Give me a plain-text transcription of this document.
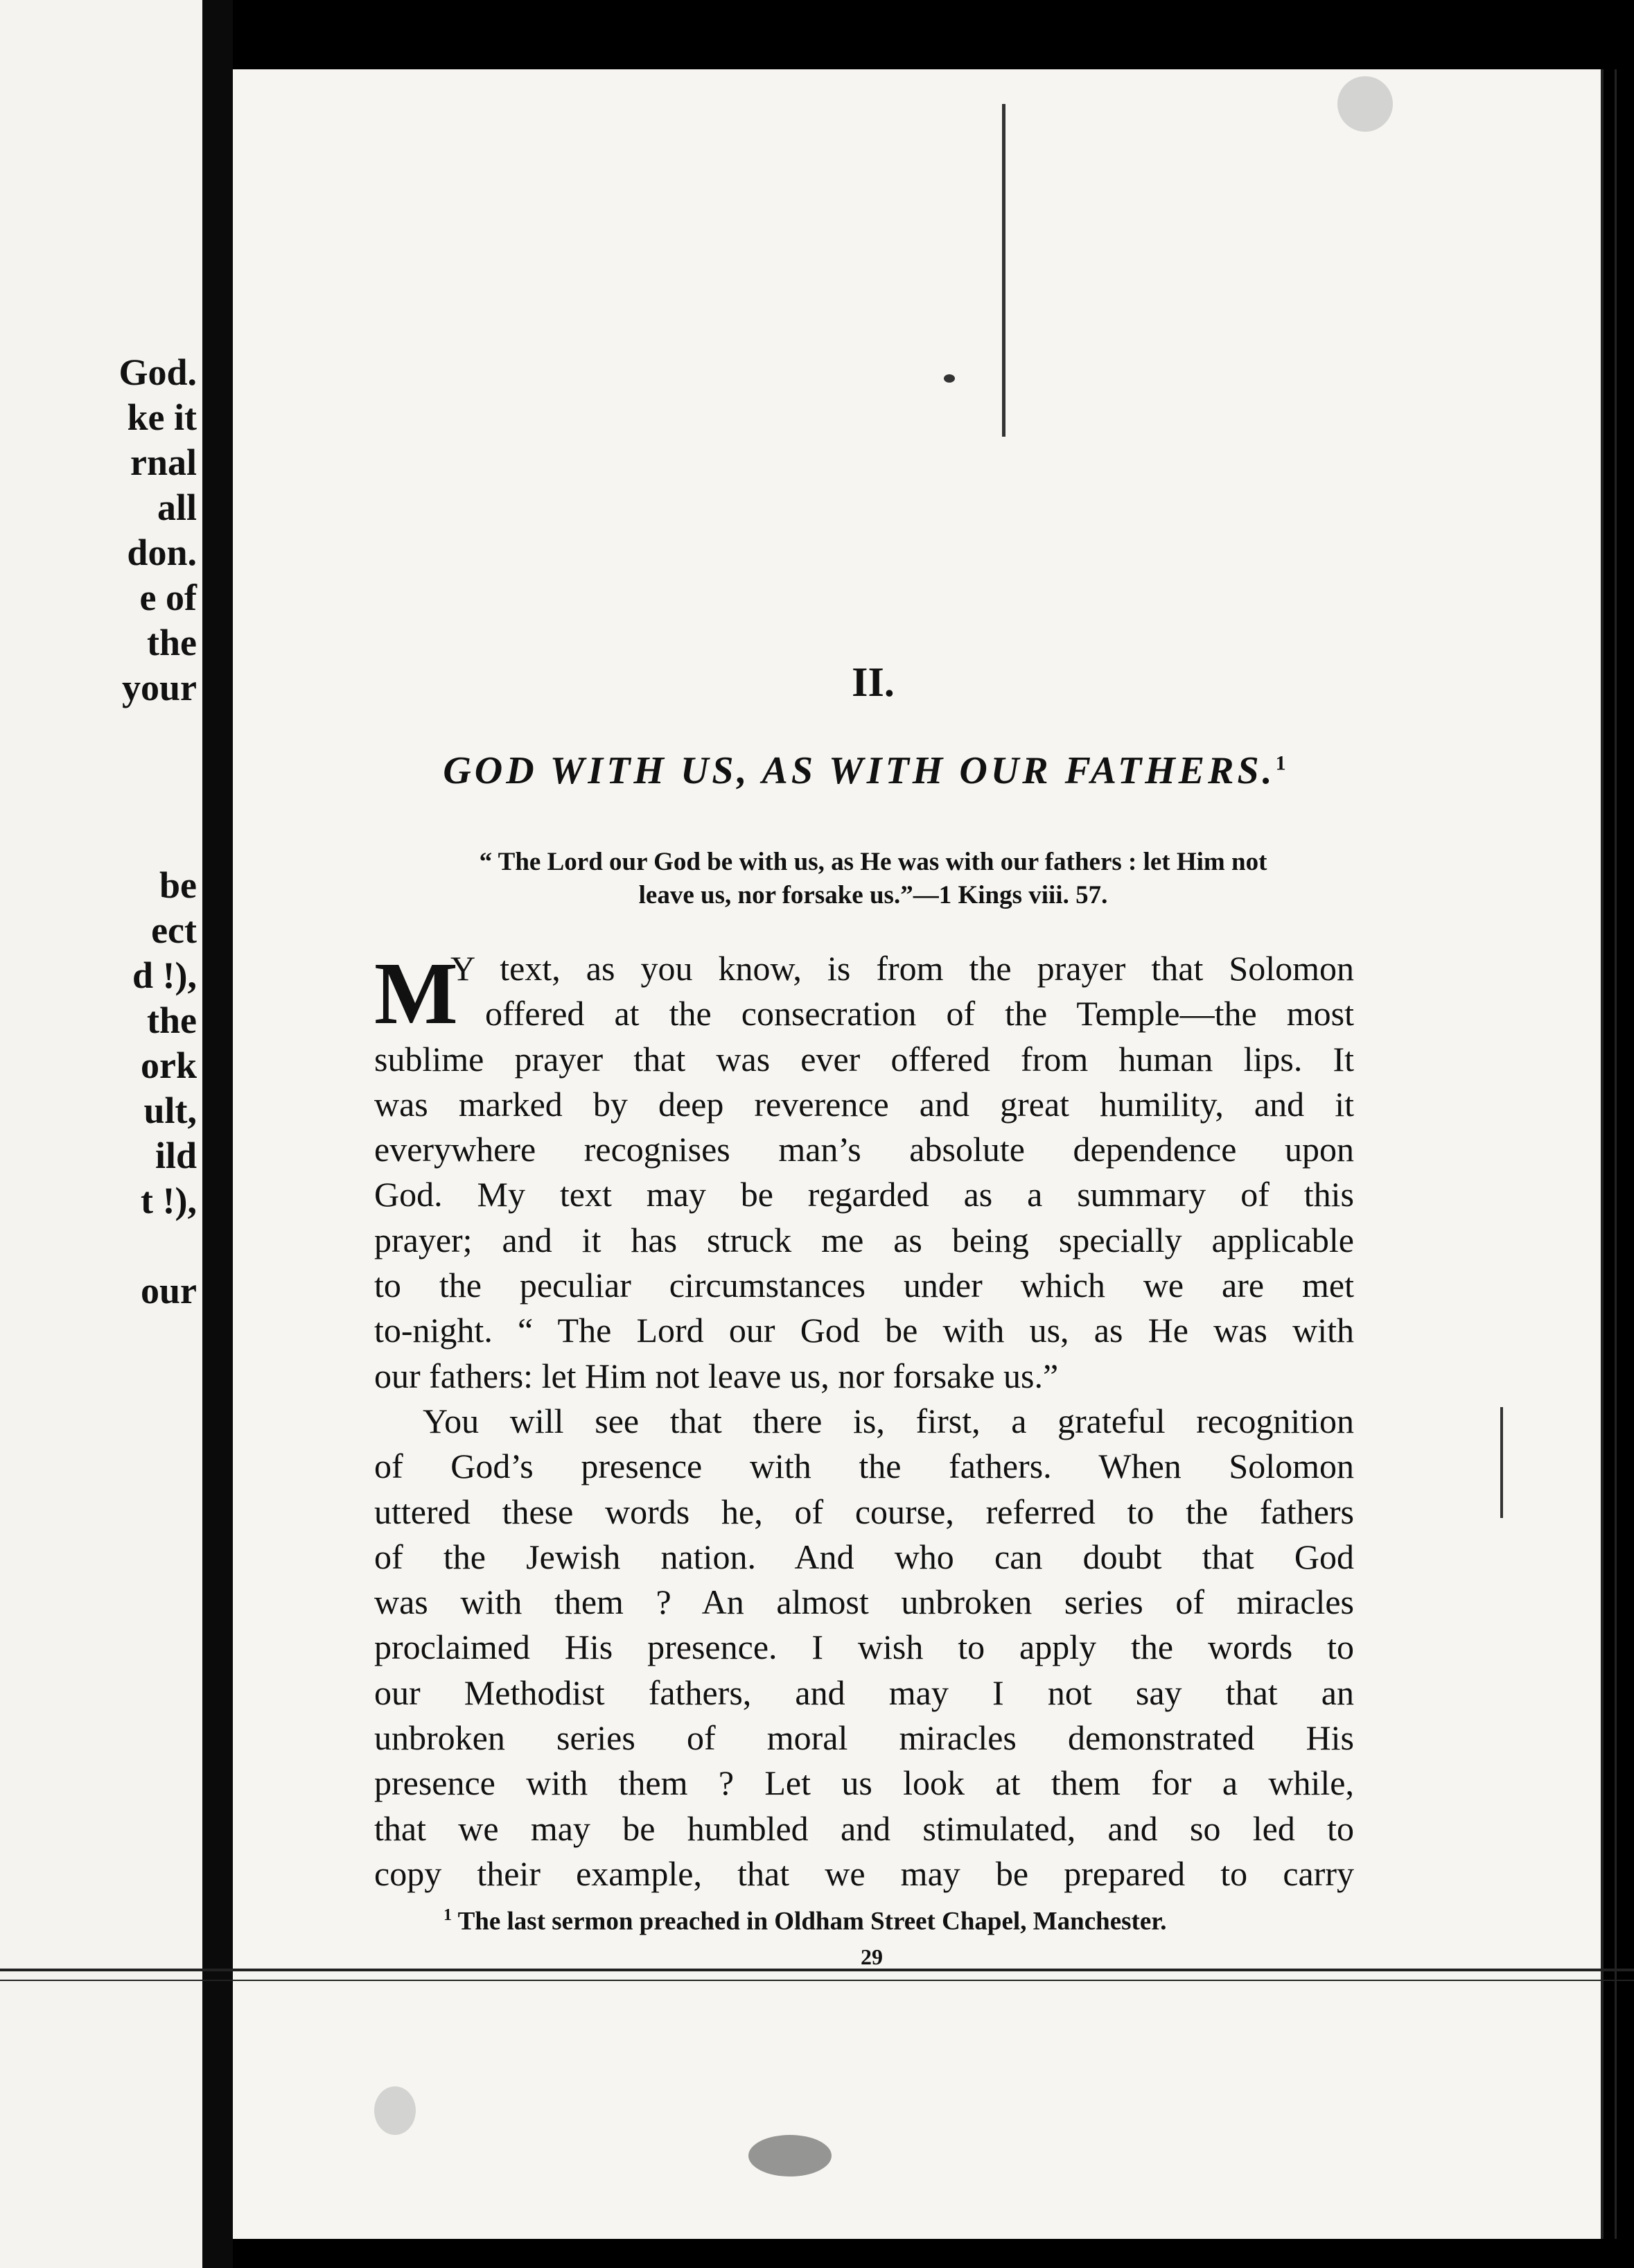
God.
ke it
rnal
all
don.
e of
the
your
be
ect
d !),
the
ork
ult,
ild
t !),
our
II.
GOD WITH US, AS WITH OUR FATHERS.$^1$
“ The Lord our God be with us, as He was with our fathers : let Him not
leave us, nor forsake us.”—1 Kings viii. 57.
M
Y text, as you know, is from the prayer that Solomon
offered at the consecration of the Temple—the most
sublime prayer that was ever offered from human lips. It
was marked by deep reverence and great humility, and it
everywhere recognises man’s absolute dependence upon
God. My text may be regarded as a summary of this
prayer; and it has struck me as being specially applicable
to the peculiar circumstances under which we are met
to-night. “ The Lord our God be with us, as He was with
our fathers: let Him not leave us, nor forsake us.”
You will see that there is, first, a grateful recognition
of God’s presence with the fathers. When Solomon
uttered these words he, of course, referred to the fathers
of the Jewish nation. And who can doubt that God
was with them ? An almost unbroken series of miracles
proclaimed His presence. I wish to apply the words to
our Methodist fathers, and may I not say that an
unbroken series of moral miracles demonstrated His
presence with them ? Let us look at them for a while,
that we may be humbled and stimulated, and so led to
copy their example, that we may be prepared to carry
$^1$ The last sermon preached in Oldham Street Chapel, Manchester.
29
